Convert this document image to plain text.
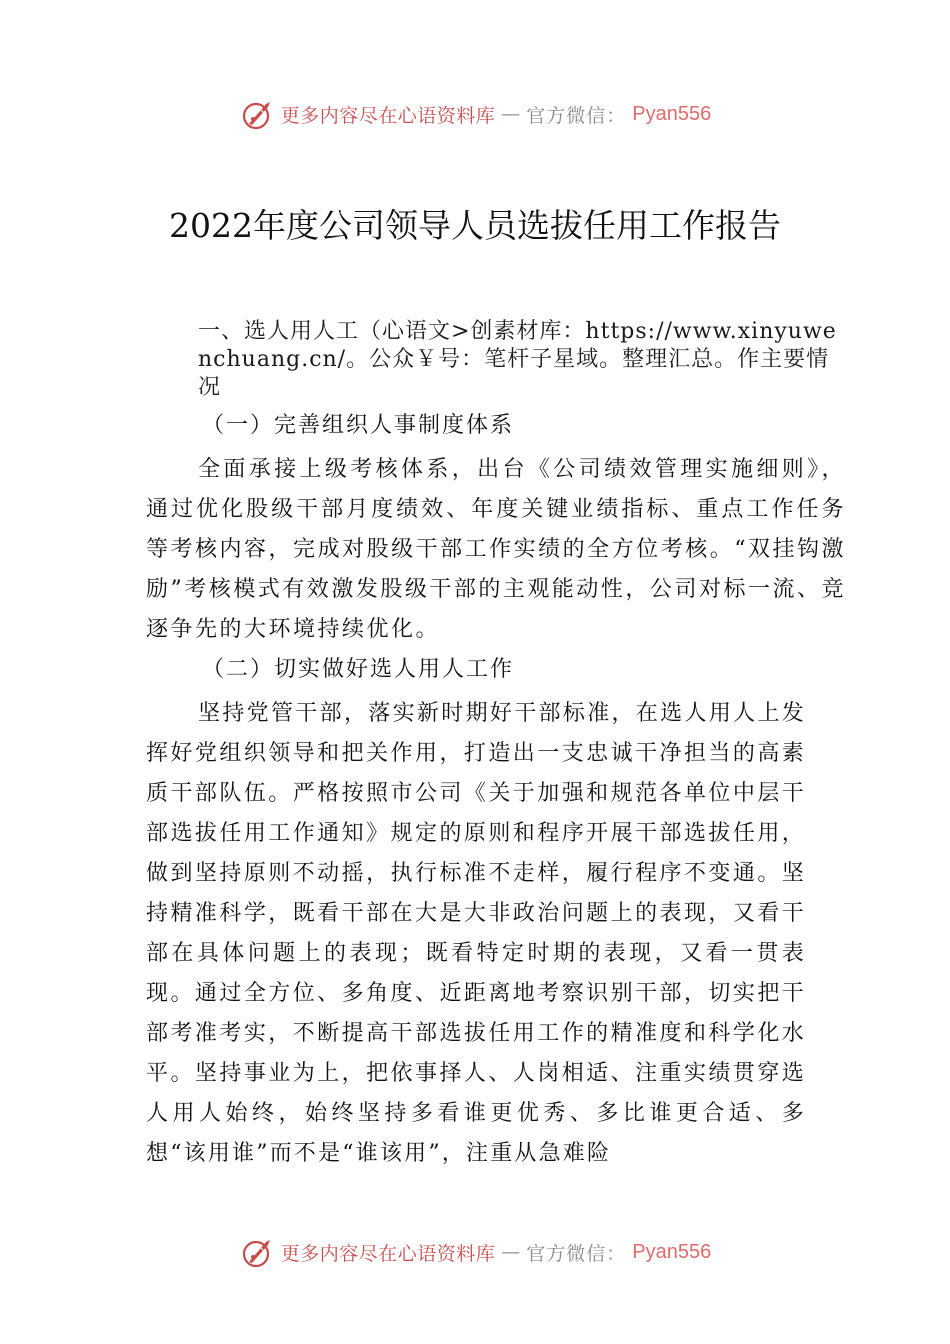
更多内容尽在心语资料库 — 官方微信： Pyan556
2022年度公司领导人员选拔任用工作报告

一、选人用人工（心语文>创素材库：https://www.xinyuwenchuang.cn/。公众￥号：笔杆子星域。整理汇总。作主要情况

（一）完善组织人事制度体系

全面承接上级考核体系，出台《公司绩效管理实施细则》，通过优化股级干部月度绩效、年度关键业绩指标、重点工作任务等考核内容，完成对股级干部工作实绩的全方位考核。“双挂钩激励”考核模式有效激发股级干部的主观能动性，公司对标一流、竞逐争先的大环境持续优化。

（二）切实做好选人用人工作

坚持党管干部，落实新时期好干部标准，在选人用人上发挥好党组织领导和把关作用，打造出一支忠诚干净担当的高素质干部队伍。严格按照市公司《关于加强和规范各单位中层干部选拔任用工作通知》规定的原则和程序开展干部选拔任用，做到坚持原则不动摇，执行标准不走样，履行程序不变通。坚持精准科学，既看干部在大是大非政治问题上的表现，又看干部在具体问题上的表现；既看特定时期的表现，又看一贯表现。通过全方位、多角度、近距离地考察识别干部，切实把干部考准考实，不断提高干部选拔任用工作的精准度和科学化水平。坚持事业为上，把依事择人、人岗相适、注重实绩贯穿选人用人始终，始终坚持多看谁更优秀、多比谁更合适、多想“该用谁”而不是“谁该用”，注重从急难险

更多内容尽在心语资料库 — 官方微信： Pyan556
